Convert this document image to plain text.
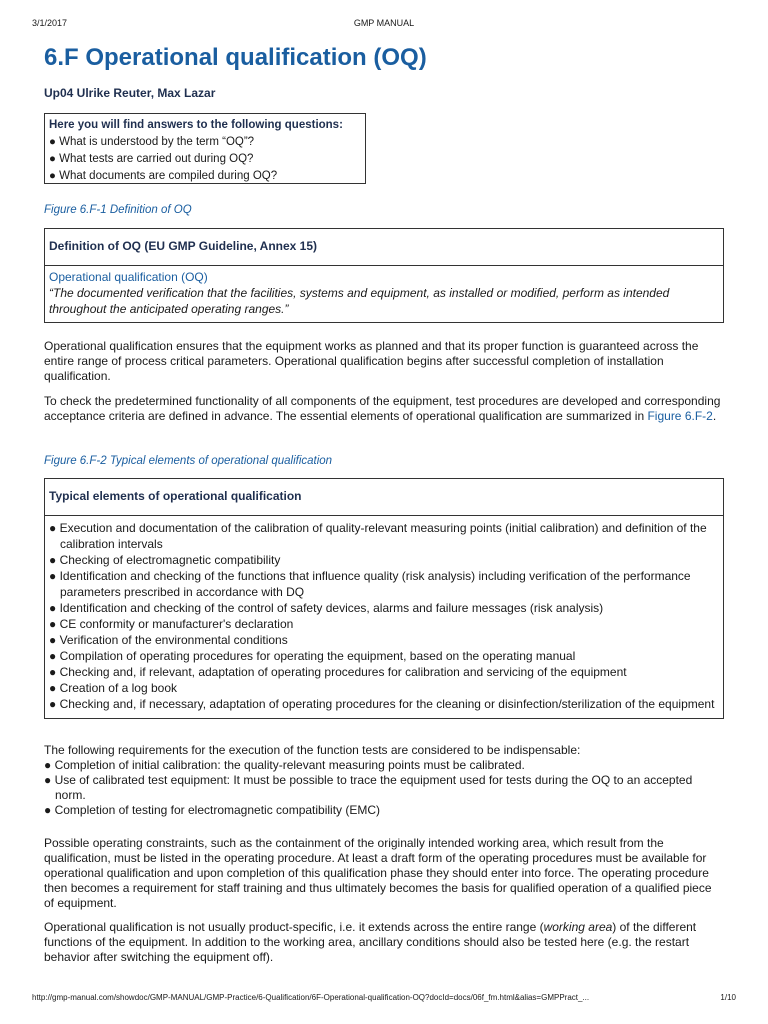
3/1/2017	GMP MANUAL
6.F Operational qualification (OQ)
Up04 Ulrike Reuter, Max Lazar
Here you will find answers to the following questions:
● What is understood by the term “OQ”?
● What tests are carried out during OQ?
● What documents are compiled during OQ?
Figure 6.F-1 Definition of OQ
Definition of OQ (EU GMP Guideline, Annex 15)
Operational qualification (OQ)
“The documented verification that the facilities, systems and equipment, as installed or modified, perform as intended throughout the anticipated operating ranges.”

Operational qualification ensures that the equipment works as planned and that its proper function is guaranteed across the entire range of process critical parameters. Operational qualification begins after successful completion of installation qualification.

To check the predetermined functionality of all components of the equipment, test procedures are developed and corresponding acceptance criteria are defined in advance. The essential elements of operational qualification are summarized in Figure 6.F-2.

Figure 6.F-2 Typical elements of operational qualification
Typical elements of operational qualification
● Execution and documentation of the calibration of quality-relevant measuring points (initial calibration) and definition of the calibration intervals
● Checking of electromagnetic compatibility
● Identification and checking of the functions that influence quality (risk analysis) including verification of the performance parameters prescribed in accordance with DQ
● Identification and checking of the control of safety devices, alarms and failure messages (risk analysis)
● CE conformity or manufacturer's declaration
● Verification of the environmental conditions
● Compilation of operating procedures for operating the equipment, based on the operating manual
● Checking and, if relevant, adaptation of operating procedures for calibration and servicing of the equipment
● Creation of a log book
● Checking and, if necessary, adaptation of operating procedures for the cleaning or disinfection/sterilization of the equipment
The following requirements for the execution of the function tests are considered to be indispensable:
● Completion of initial calibration: the quality-relevant measuring points must be calibrated.
● Use of calibrated test equipment: It must be possible to trace the equipment used for tests during the OQ to an accepted norm.
● Completion of testing for electromagnetic compatibility (EMC)

Possible operating constraints, such as the containment of the originally intended working area, which result from the qualification, must be listed in the operating procedure. At least a draft form of the operating procedures must be available for operational qualification and upon completion of this qualification phase they should enter into force. The operating procedure then becomes a requirement for staff training and thus ultimately becomes the basis for qualified operation of a qualified piece of equipment.

Operational qualification is not usually product-specific, i.e. it extends across the entire range (working area) of the different functions of the equipment. In addition to the working area, ancillary conditions should also be tested here (e.g. the restart behavior after switching the equipment off).

http://gmp-manual.com/showdoc/GMP-MANUAL/GMP-Practice/6-Qualification/6F-Operational-qualification-OQ?docId=docs/06f_fm.html&alias=GMPPract_...	1/10
